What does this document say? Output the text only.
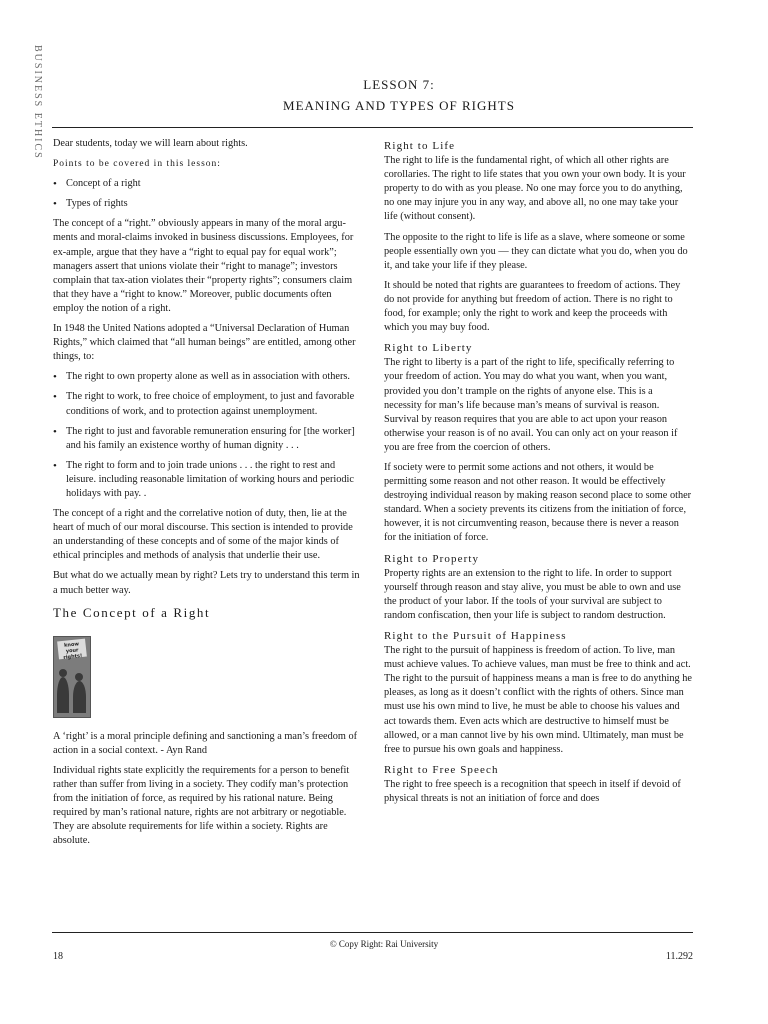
BUSINESS ETHICS	LESSON 7:
MEANING AND TYPES OF RIGHTS

Dear students, today we will learn about rights.

Points to be covered in this lesson:
• Concept of a right
• Types of rights

The concept of a “right.” obviously appears in many of the moral argu-ments and moral-claims invoked in business discussions. Employees, for ex-ample, argue that they have a “right to equal pay for equal work”; managers assert that unions violate their “right to manage”; investors complain that tax-ation violates their “property rights”; consumers claim that they have a “right to know.” Moreover, public documents often employ the notion of a right.

In 1948 the United Nations adopted a “Universal Declaration of Human Rights,” which claimed that “all human beings” are entitled, among other things, to:

• The right to own property alone as well as in association with others.
• The right to work, to free choice of employment, to just and favorable conditions of work, and to protection against unemployment.
• The right to just and favorable remuneration ensuring for [the worker] and his family an existence worthy of human dignity . . .
• The right to form and to join trade unions . . . the right to rest and leisure. including reasonable limitation of working hours and periodic holidays with pay. .

The concept of a right and the correlative notion of duty, then, lie at the heart of much of our moral discourse. This section is intended to provide an understanding of these concepts and of some of the major kinds of ethical principles and methods of analysis that underlie their use.

But what do we actually mean by right? Lets try to understand this term in a much better way.

The Concept of a Right
know your rights!

A ‘right’ is a moral principle defining and sanctioning a man’s freedom of action in a social context. - Ayn Rand

Individual rights state explicitly the requirements for a person to benefit rather than suffer from living in a society. They codify man’s protection from the initiation of force, as required by his rational nature. Being required by man’s rational nature, rights are not arbitrary or negotiable. They are absolute requirements for life within a society. Rights are absolute.

Right to Life

The right to life is the fundamental right, of which all other rights are corollaries. The right to life states that you own your own body. It is your property to do with as you please. No one may force you to do anything, no one may injure you in any way, and above all, no one may take your life (without consent).

The opposite to the right to life is life as a slave, where someone or some people essentially own you — they can dictate what you do, when you do it, and take your life if they please.

It should be noted that rights are guarantees to freedom of actions. They do not provide for anything but freedom of action. There is no right to food, for example; only the right to work and keep the proceeds with which you may buy food.

Right to Liberty

The right to liberty is a part of the right to life, specifically referring to your freedom of action. You may do what you want, when you want, provided you don’t trample on the rights of anyone else. This is a necessity for man’s life because man’s means of survival is reason. Survival by reason requires that you are able to act upon your reason otherwise your reason is of no avail. You can only act on your reason if you are free from the coercion of others.

If society were to permit some actions and not others, it would be permitting some reason and not other reason. It would be effectively destroying individual reason by making reason second place to some other standard. When a society prevents its citizens from the initiation of force, however, it is not circumventing reason, because there is never a reason for the initiation of force.

Right to Property

Property rights are an extension to the right to life. In order to support yourself through reason and stay alive, you must be able to own and use the product of your labor. If the tools of your survival are subject to random confiscation, then your life is subject to random destruction.

Right to the Pursuit of Happiness

The right to the pursuit of happiness is freedom of action. To live, man must achieve values. To achieve values, man must be free to think and act. The right to the pursuit of happiness means a man is free to do anything he pleases, as long as it doesn’t conflict with the rights of others. Since man must use his own mind to live, he must be able to choose his values and act towards them. Even acts which are destructive to himself must be allowed, or a man cannot live by his own mind. Ultimately, man must be free to pursue his own goals and happiness.

Right to Free Speech

The right to free speech is a recognition that speech in itself if devoid of physical threats is not an initiation of force and does

© Copy Right: Rai University
18	11.292
